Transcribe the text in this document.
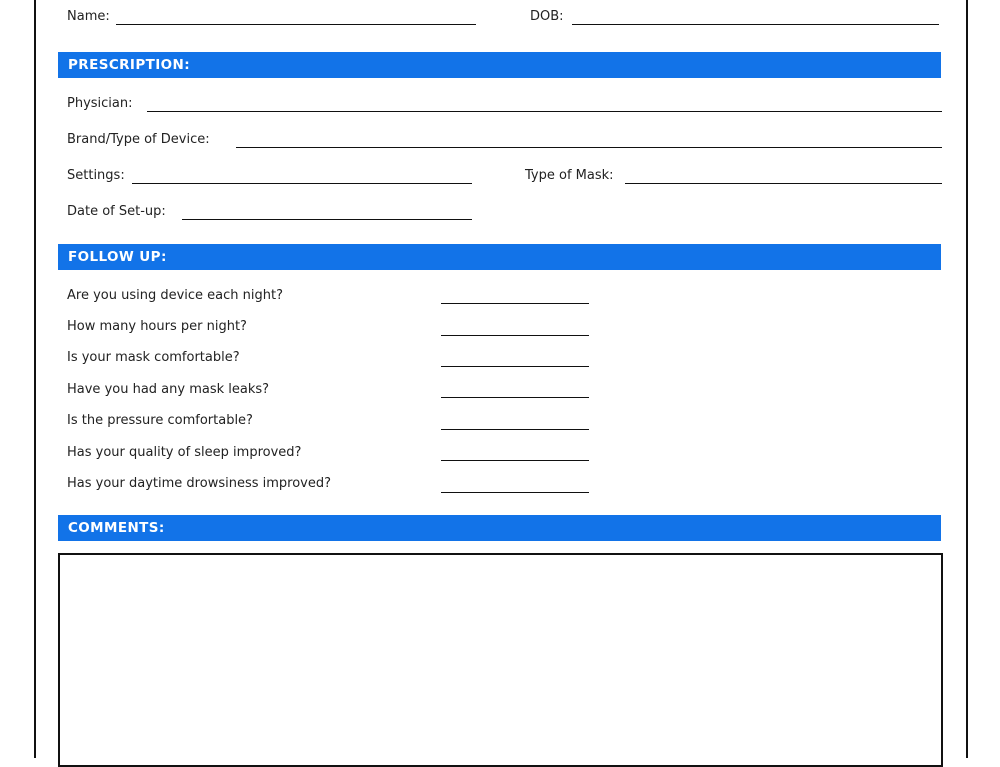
Name:	DOB:
PRESCRIPTION:
Physician:
Brand/Type of Device:
Settings:	Type of Mask:
Date of Set-up:
FOLLOW UP:
Are you using device each night?
How many hours per night?
Is your mask comfortable?
Have you had any mask leaks?
Is the pressure comfortable?
Has your quality of sleep improved?
Has your daytime drowsiness improved?
COMMENTS:
